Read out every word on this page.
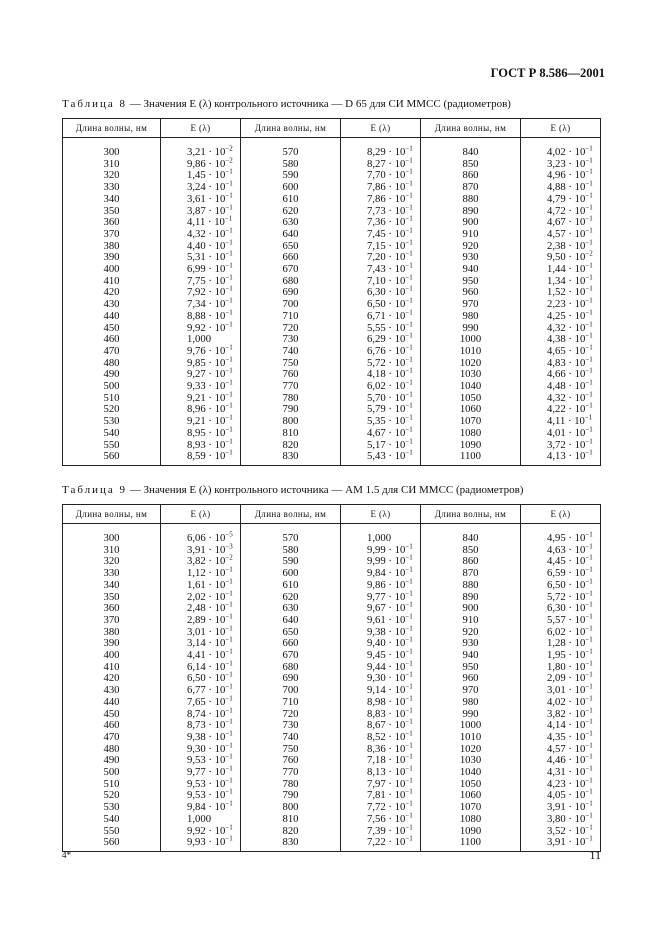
ГОСТ Р 8.586—2001
Таблица 8 — Значения E (λ) контрольного источника — D 65 для СИ ММСС (радиометров)
Длина волны, нм	E (λ)	Длина волны, нм	E (λ)	Длина волны, нм	E (λ)
300	$3,21 \cdot 10^{-2}$	570	$8,29 \cdot 10^{-1}$	840	$4,02 \cdot 10^{-1}$
310	$9,86 \cdot 10^{-2}$	580	$8,27 \cdot 10^{-1}$	850	$3,23 \cdot 10^{-1}$
320	$1,45 \cdot 10^{-1}$	590	$7,70 \cdot 10^{-1}$	860	$4,96 \cdot 10^{-1}$
330	$3,24 \cdot 10^{-1}$	600	$7,86 \cdot 10^{-1}$	870	$4,88 \cdot 10^{-1}$
340	$3,61 \cdot 10^{-1}$	610	$7,86 \cdot 10^{-1}$	880	$4,79 \cdot 10^{-1}$
350	$3,87 \cdot 10^{-1}$	620	$7,73 \cdot 10^{-1}$	890	$4,72 \cdot 10^{-1}$
360	$4,11 \cdot 10^{-1}$	630	$7,36 \cdot 10^{-1}$	900	$4,67 \cdot 10^{-1}$
370	$4,32 \cdot 10^{-1}$	640	$7,45 \cdot 10^{-1}$	910	$4,57 \cdot 10^{-1}$
380	$4,40 \cdot 10^{-1}$	650	$7,15 \cdot 10^{-1}$	920	$2,38 \cdot 10^{-1}$
390	$5,31 \cdot 10^{-1}$	660	$7,20 \cdot 10^{-1}$	930	$9,50 \cdot 10^{-2}$
400	$6,99 \cdot 10^{-1}$	670	$7,43 \cdot 10^{-1}$	940	$1,44 \cdot 10^{-1}$
410	$7,75 \cdot 10^{-1}$	680	$7,10 \cdot 10^{-1}$	950	$1,34 \cdot 10^{-1}$
420	$7,92 \cdot 10^{-1}$	690	$6,30 \cdot 10^{-1}$	960	$1,52 \cdot 10^{-1}$
430	$7,34 \cdot 10^{-1}$	700	$6,50 \cdot 10^{-1}$	970	$2,23 \cdot 10^{-1}$
440	$8,88 \cdot 10^{-1}$	710	$6,71 \cdot 10^{-1}$	980	$4,25 \cdot 10^{-1}$
450	$9,92 \cdot 10^{-1}$	720	$5,55 \cdot 10^{-1}$	990	$4,32 \cdot 10^{-1}$
460	1,000	730	$6,29 \cdot 10^{-1}$	1000	$4,38 \cdot 10^{-1}$
470	$9,76 \cdot 10^{-1}$	740	$6,76 \cdot 10^{-1}$	1010	$4,65 \cdot 10^{-1}$
480	$9,85 \cdot 10^{-1}$	750	$5,72 \cdot 10^{-1}$	1020	$4,83 \cdot 10^{-1}$
490	$9,27 \cdot 10^{-1}$	760	$4,18 \cdot 10^{-1}$	1030	$4,66 \cdot 10^{-1}$
500	$9,33 \cdot 10^{-1}$	770	$6,02 \cdot 10^{-1}$	1040	$4,48 \cdot 10^{-1}$
510	$9,21 \cdot 10^{-1}$	780	$5,70 \cdot 10^{-1}$	1050	$4,32 \cdot 10^{-1}$
520	$8,96 \cdot 10^{-1}$	790	$5,79 \cdot 10^{-1}$	1060	$4,22 \cdot 10^{-1}$
530	$9,21 \cdot 10^{-1}$	800	$5,35 \cdot 10^{-1}$	1070	$4,11 \cdot 10^{-1}$
540	$8,95 \cdot 10^{-1}$	810	$4,67 \cdot 10^{-1}$	1080	$4,01 \cdot 10^{-1}$
550	$8,93 \cdot 10^{-1}$	820	$5,17 \cdot 10^{-1}$	1090	$3,72 \cdot 10^{-1}$
560	$8,59 \cdot 10^{-1}$	830	$5,43 \cdot 10^{-1}$	1100	$4,13 \cdot 10^{-1}$
Таблица 9 — Значения E (λ) контрольного источника — AM 1.5 для СИ ММСС (радиометров)
Длина волны, нм	E (λ)	Длина волны, нм	E (λ)	Длина волны, нм	E (λ)
300	$6,06 \cdot 10^{-5}$	570	1,000	840	$4,95 \cdot 10^{-1}$
310	$3,91 \cdot 10^{-3}$	580	$9,99 \cdot 10^{-1}$	850	$4,63 \cdot 10^{-1}$
320	$3,82 \cdot 10^{-2}$	590	$9,99 \cdot 10^{-1}$	860	$4,45 \cdot 10^{-1}$
330	$1,12 \cdot 10^{-1}$	600	$9,84 \cdot 10^{-1}$	870	$6,59 \cdot 10^{-1}$
340	$1,61 \cdot 10^{-1}$	610	$9,86 \cdot 10^{-1}$	880	$6,50 \cdot 10^{-1}$
350	$2,02 \cdot 10^{-1}$	620	$9,77 \cdot 10^{-1}$	890	$5,72 \cdot 10^{-1}$
360	$2,48 \cdot 10^{-1}$	630	$9,67 \cdot 10^{-1}$	900	$6,30 \cdot 10^{-1}$
370	$2,89 \cdot 10^{-1}$	640	$9,61 \cdot 10^{-1}$	910	$5,57 \cdot 10^{-1}$
380	$3,01 \cdot 10^{-1}$	650	$9,38 \cdot 10^{-1}$	920	$6,02 \cdot 10^{-1}$
390	$3,14 \cdot 10^{-1}$	660	$9,40 \cdot 10^{-1}$	930	$1,28 \cdot 10^{-1}$
400	$4,41 \cdot 10^{-1}$	670	$9,45 \cdot 10^{-1}$	940	$1,95 \cdot 10^{-1}$
410	$6,14 \cdot 10^{-1}$	680	$9,44 \cdot 10^{-1}$	950	$1,80 \cdot 10^{-1}$
420	$6,50 \cdot 10^{-1}$	690	$9,30 \cdot 10^{-1}$	960	$2,09 \cdot 10^{-1}$
430	$6,77 \cdot 10^{-1}$	700	$9,14 \cdot 10^{-1}$	970	$3,01 \cdot 10^{-1}$
440	$7,65 \cdot 10^{-1}$	710	$8,98 \cdot 10^{-1}$	980	$4,02 \cdot 10^{-1}$
450	$8,74 \cdot 10^{-1}$	720	$8,83 \cdot 10^{-1}$	990	$3,82 \cdot 10^{-1}$
460	$8,73 \cdot 10^{-1}$	730	$8,67 \cdot 10^{-1}$	1000	$4,14 \cdot 10^{-1}$
470	$9,38 \cdot 10^{-1}$	740	$8,52 \cdot 10^{-1}$	1010	$4,35 \cdot 10^{-1}$
480	$9,30 \cdot 10^{-1}$	750	$8,36 \cdot 10^{-1}$	1020	$4,57 \cdot 10^{-1}$
490	$9,53 \cdot 10^{-1}$	760	$7,18 \cdot 10^{-1}$	1030	$4,46 \cdot 10^{-1}$
500	$9,77 \cdot 10^{-1}$	770	$8,13 \cdot 10^{-1}$	1040	$4,31 \cdot 10^{-1}$
510	$9,53 \cdot 10^{-1}$	780	$7,97 \cdot 10^{-1}$	1050	$4,23 \cdot 10^{-1}$
520	$9,53 \cdot 10^{-1}$	790	$7,81 \cdot 10^{-1}$	1060	$4,05 \cdot 10^{-1}$
530	$9,84 \cdot 10^{-1}$	800	$7,72 \cdot 10^{-1}$	1070	$3,91 \cdot 10^{-1}$
540	1,000	810	$7,56 \cdot 10^{-1}$	1080	$3,80 \cdot 10^{-1}$
550	$9,92 \cdot 10^{-1}$	820	$7,39 \cdot 10^{-1}$	1090	$3,52 \cdot 10^{-1}$
560	$9,93 \cdot 10^{-1}$	830	$7,22 \cdot 10^{-1}$	1100	$3,91 \cdot 10^{-1}$
4*	11
